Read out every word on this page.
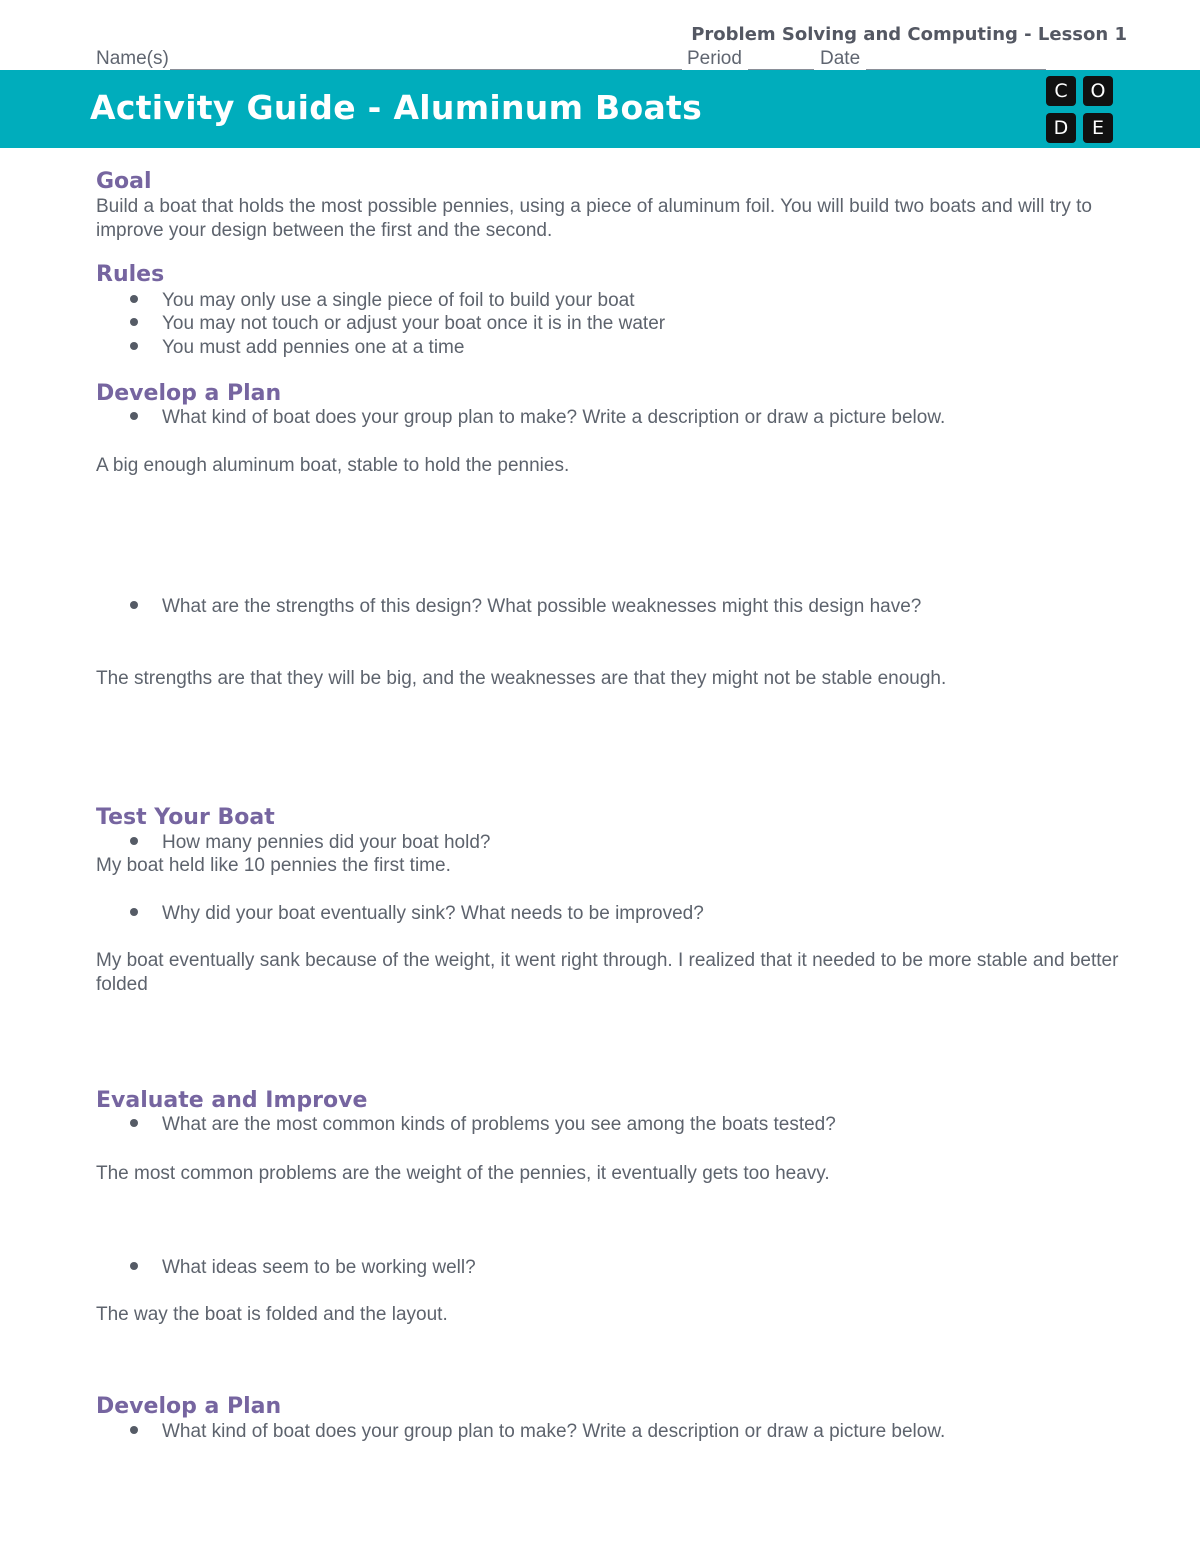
Problem Solving and Computing - Lesson 1
Name(s)	Period	Date
Activity Guide - Aluminum Boats	C	O
D	E
Goal
Build a boat that holds the most possible pennies, using a piece of aluminum foil. You will build two boats and will try to improve your design between the first and the second.
Rules
You may only use a single piece of foil to build your boat
You may not touch or adjust your boat once it is in the water
You must add pennies one at a time
Develop a Plan
What kind of boat does your group plan to make? Write a description or draw a picture below.
A big enough aluminum boat, stable to hold the pennies.
What are the strengths of this design? What possible weaknesses might this design have?
The strengths are that they will be big, and the weaknesses are that they might not be stable enough.
Test Your Boat
How many pennies did your boat hold?
My boat held like 10 pennies the first time.
Why did your boat eventually sink? What needs to be improved?
My boat eventually sank because of the weight, it went right through. I realized that it needed to be more stable and better folded
Evaluate and Improve
What are the most common kinds of problems you see among the boats tested?
The most common problems are the weight of the pennies, it eventually gets too heavy.
What ideas seem to be working well?
The way the boat is folded and the layout.
Develop a Plan
What kind of boat does your group plan to make? Write a description or draw a picture below.
